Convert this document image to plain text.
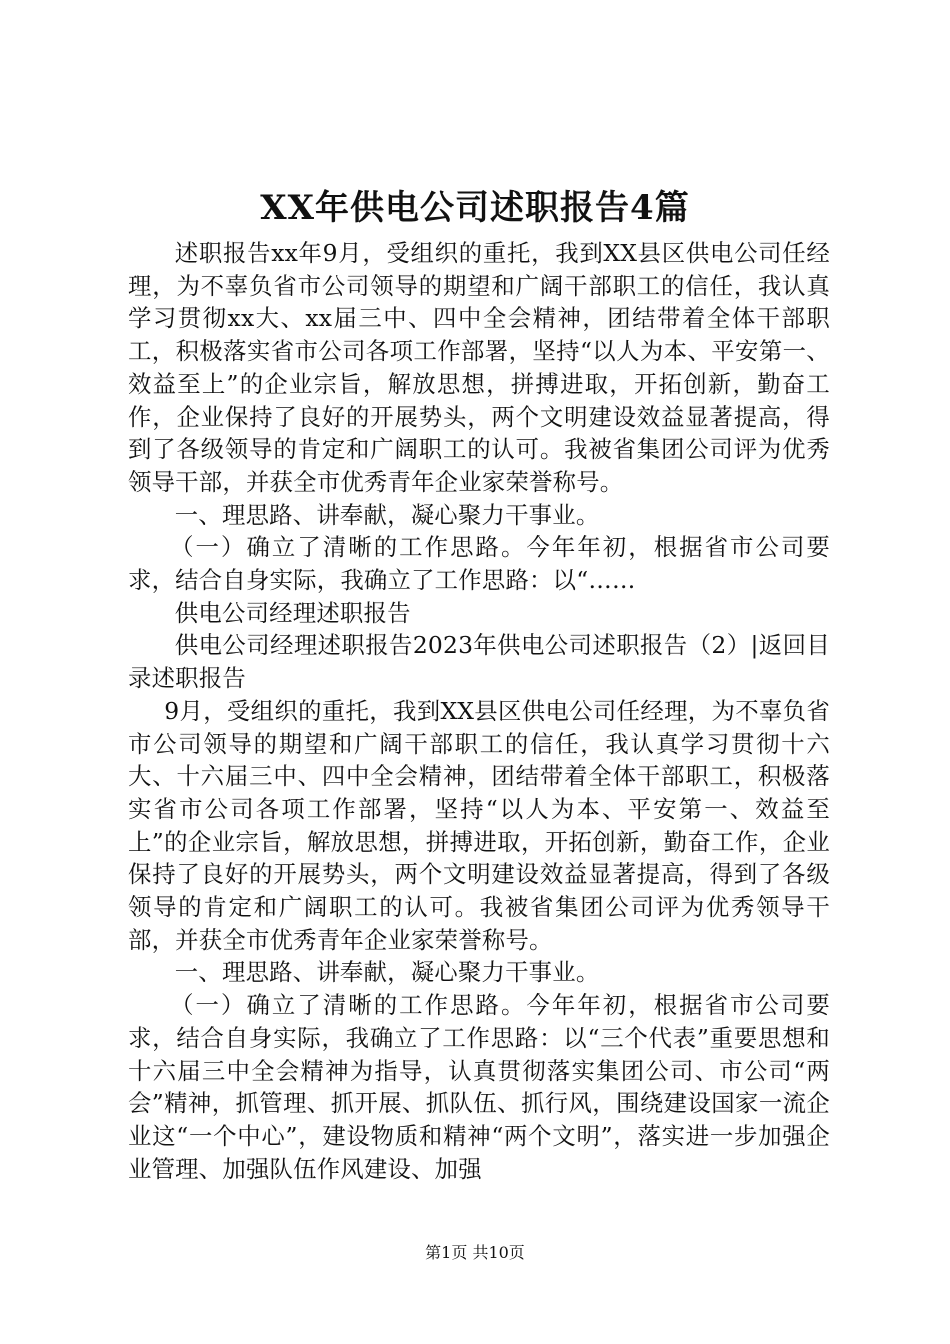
XX年供电公司述职报告4篇

述职报告xx年9月，受组织的重托，我到XX县区供电公司任经理，为不辜负省市公司领导的期望和广阔干部职工的信任，我认真学习贯彻xx大、xx届三中、四中全会精神，团结带着全体干部职工，积极落实省市公司各项工作部署，坚持“以人为本、平安第一、效益至上”的企业宗旨，解放思想，拼搏进取，开拓创新，勤奋工作，企业保持了良好的开展势头，两个文明建设效益显著提高，得到了各级领导的肯定和广阔职工的认可。我被省集团公司评为优秀领导干部，并获全市优秀青年企业家荣誉称号。

一、理思路、讲奉献，凝心聚力干事业。

（一）确立了清晰的工作思路。今年年初，根据省市公司要求，结合自身实际，我确立了工作思路：以“……

供电公司经理述职报告

供电公司经理述职报告2023年供电公司述职报告（2）|返回目录述职报告

9月，受组织的重托，我到XX县区供电公司任经理，为不辜负省市公司领导的期望和广阔干部职工的信任，我认真学习贯彻十六大、十六届三中、四中全会精神，团结带着全体干部职工，积极落实省市公司各项工作部署，坚持“以人为本、平安第一、效益至上”的企业宗旨，解放思想，拼搏进取，开拓创新，勤奋工作，企业保持了良好的开展势头，两个文明建设效益显著提高，得到了各级领导的肯定和广阔职工的认可。我被省集团公司评为优秀领导干部，并获全市优秀青年企业家荣誉称号。

一、理思路、讲奉献，凝心聚力干事业。

（一）确立了清晰的工作思路。今年年初，根据省市公司要求，结合自身实际，我确立了工作思路：以“三个代表”重要思想和十六届三中全会精神为指导，认真贯彻落实集团公司、市公司“两会”精神，抓管理、抓开展、抓队伍、抓行风，围绕建设国家一流企业这“一个中心”，建设物质和精神“两个文明”，落实进一步加强企业管理、加强队伍作风建设、加强

第1页 共10页
